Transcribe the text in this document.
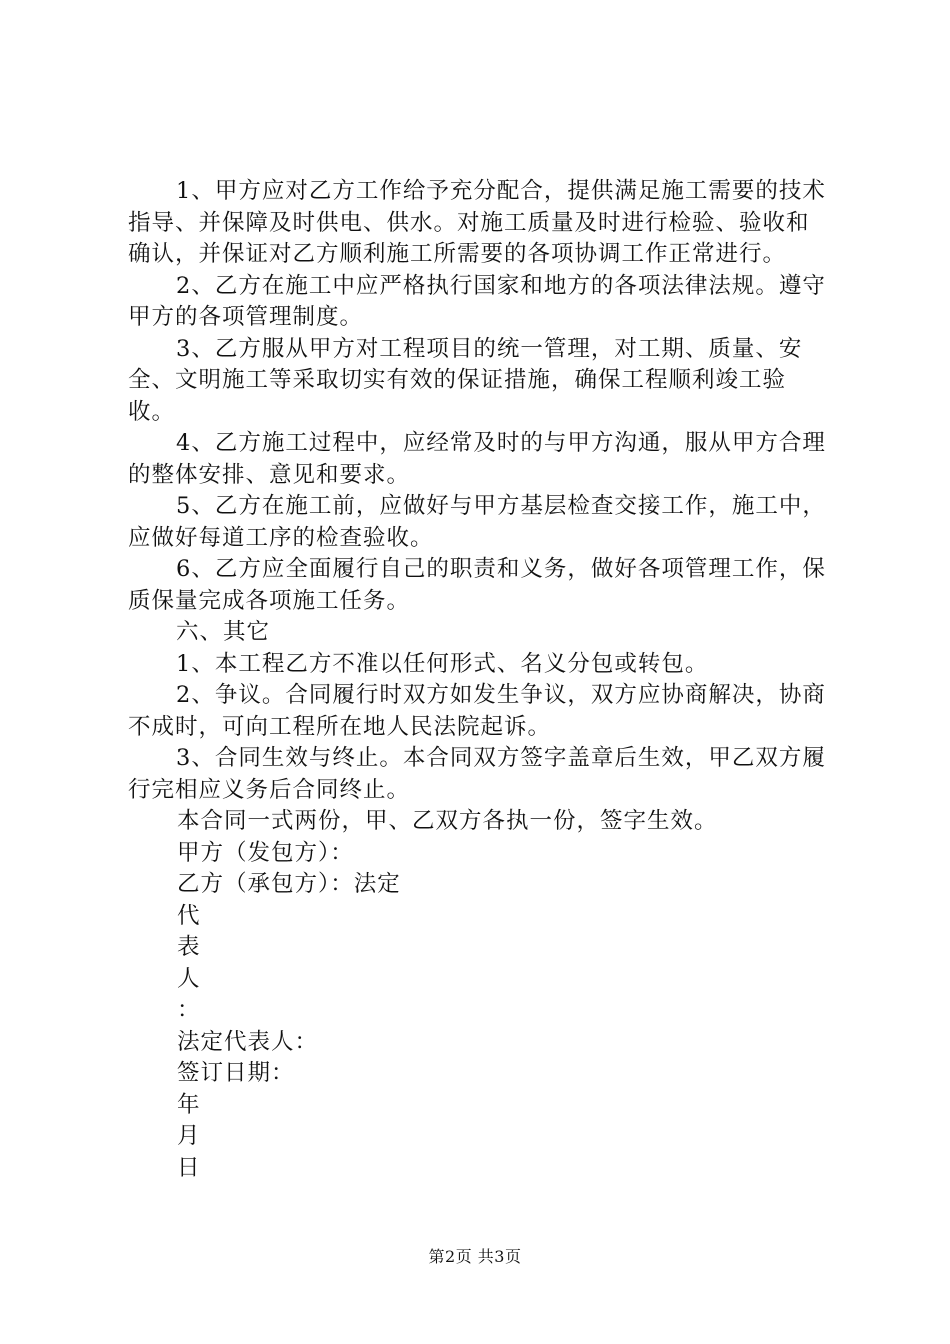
1、甲方应对乙方工作给予充分配合，提供满足施工需要的技术指导、并保障及时供电、供水。对施工质量及时进行检验、验收和确认，并保证对乙方顺利施工所需要的各项协调工作正常进行。

2、乙方在施工中应严格执行国家和地方的各项法律法规。遵守甲方的各项管理制度。

3、乙方服从甲方对工程项目的统一管理，对工期、质量、安全、文明施工等采取切实有效的保证措施，确保工程顺利竣工验收。

4、乙方施工过程中，应经常及时的与甲方沟通，服从甲方合理的整体安排、意见和要求。

5、乙方在施工前，应做好与甲方基层检查交接工作，施工中，应做好每道工序的检查验收。

6、乙方应全面履行自己的职责和义务，做好各项管理工作，保质保量完成各项施工任务。

六、其它

1、本工程乙方不准以任何形式、名义分包或转包。

2、争议。合同履行时双方如发生争议，双方应协商解决，协商不成时，可向工程所在地人民法院起诉。

3、合同生效与终止。本合同双方签字盖章后生效，甲乙双方履行完相应义务后合同终止。

本合同一式两份，甲、乙双方各执一份，签字生效。

甲方（发包方）：

乙方（承包方）：法定

代

表

人

：

法定代表人：

签订日期：

年

月

日

第2页 共3页
